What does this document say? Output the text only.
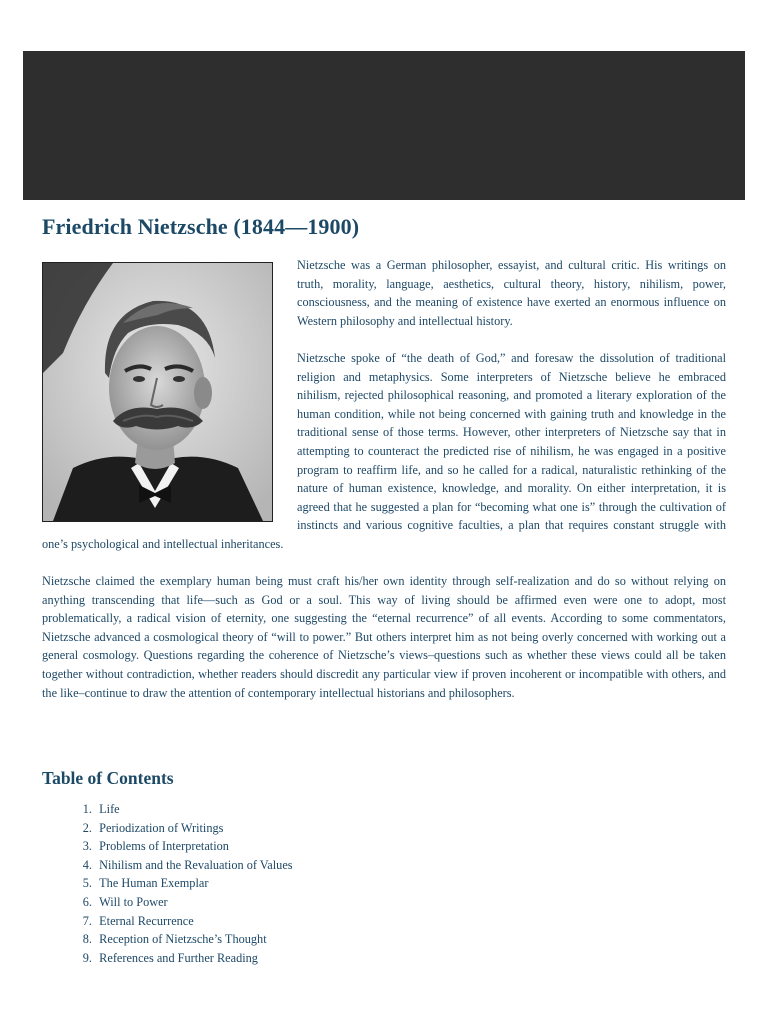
Friedrich Nietzsche (1844—1900)

Nietzsche was a German philosopher, essayist, and cultural critic. His writings on truth, morality, language, aesthetics, cultural theory, history, nihilism, power, consciousness, and the meaning of existence have exerted an enormous influence on Western philosophy and intellectual history.

Nietzsche spoke of “the death of God,” and foresaw the dissolution of traditional religion and metaphysics. Some interpreters of Nietzsche believe he embraced nihilism, rejected philosophical reasoning, and promoted a literary exploration of the human condition, while not being concerned with gaining truth and knowledge in the traditional sense of those terms. However, other interpreters of Nietzsche say that in attempting to counteract the predicted rise of nihilism, he was engaged in a positive program to reaffirm life, and so he called for a radical, naturalistic rethinking of the nature of human existence, knowledge, and morality. On either interpretation, it is agreed that he suggested a plan for “becoming what one is” through the cultivation of instincts and various cognitive faculties, a plan that requires constant struggle with one’s psychological and intellectual inheritances.

Nietzsche claimed the exemplary human being must craft his/her own identity through self-realization and do so without relying on anything transcending that life—such as God or a soul. This way of living should be affirmed even were one to adopt, most problematically, a radical vision of eternity, one suggesting the “eternal recurrence” of all events. According to some commentators, Nietzsche advanced a cosmological theory of “will to power.” But others interpret him as not being overly concerned with working out a general cosmology. Questions regarding the coherence of Nietzsche’s views–questions such as whether these views could all be taken together without contradiction, whether readers should discredit any particular view if proven incoherent or incompatible with others, and the like–continue to draw the attention of contemporary intellectual historians and philosophers.

Table of Contents
1.
Life
2.
Periodization of Writings
3.
Problems of Interpretation
4.
Nihilism and the Revaluation of Values
5.
The Human Exemplar
6.
Will to Power
7.
Eternal Recurrence
8.
Reception of Nietzsche’s Thought
9.
References and Further Reading
